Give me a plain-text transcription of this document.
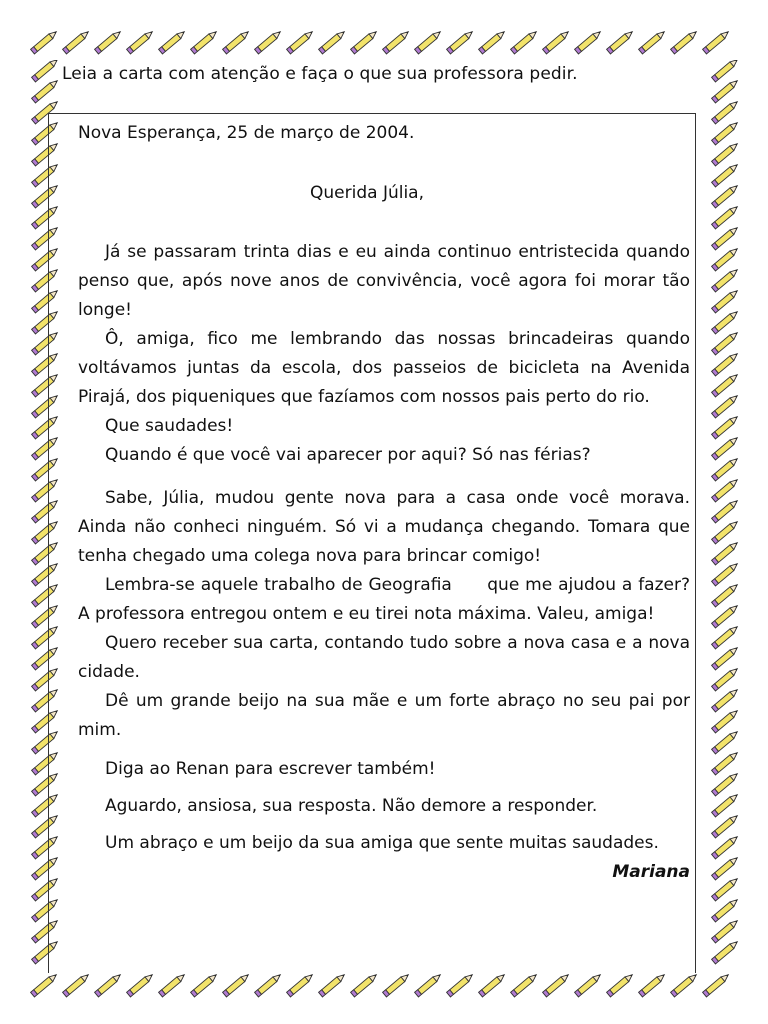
Leia a carta com atenção e faça o que sua professora pedir.

Nova Esperança, 25 de março de 2004.

Querida Júlia,

Já se passaram trinta dias e eu ainda continuo entristecida quando penso que, após nove anos de convivência, você agora foi morar tão longe!

Ô, amiga, fico me lembrando das nossas brincadeiras quando voltávamos juntas da escola, dos passeios de bicicleta na Avenida Pirajá, dos piqueniques que fazíamos com nossos pais perto do rio.

Que saudades!

Quando é que você vai aparecer por aqui? Só nas férias?

Sabe, Júlia, mudou gente nova para a casa onde você morava. Ainda não conheci ninguém. Só vi a mudança chegando. Tomara que tenha chegado uma colega nova para brincar comigo!

Lembra-se aquele trabalho de Geografia      que me ajudou a fazer? A professora entregou ontem e eu tirei nota máxima. Valeu, amiga!

Quero receber sua carta, contando tudo sobre a nova casa e a nova cidade.

Dê um grande beijo na sua mãe e um forte abraço no seu pai por mim.

Diga ao Renan para escrever também!

Aguardo, ansiosa, sua resposta. Não demore a responder.

Um abraço e um beijo da sua amiga que sente muitas saudades.

Mariana
